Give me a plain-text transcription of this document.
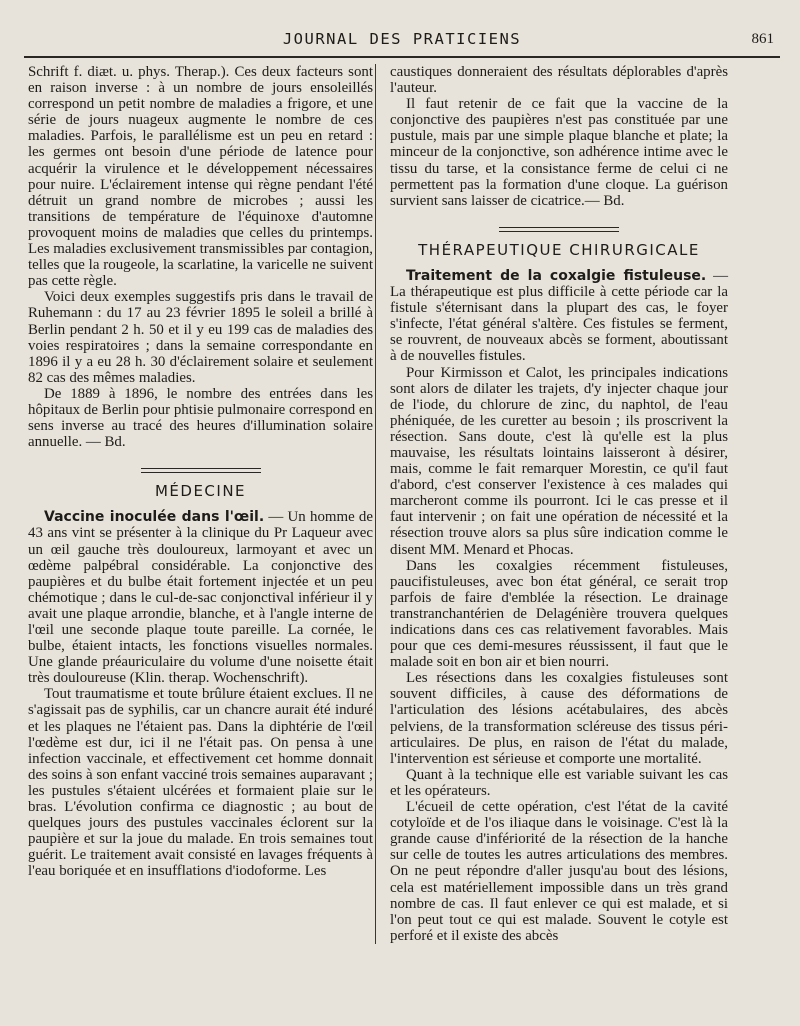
JOURNAL DES PRATICIENS	861

Schrift f. diæt. u. phys. Therap.). Ces deux facteurs sont en raison inverse : à un nombre de jours ensoleillés correspond un petit nombre de maladies a frigore, et une série de jours nuageux augmente le nombre de ces maladies. Parfois, le parallélisme est un peu en retard : les germes ont besoin d'une période de latence pour acquérir la virulence et le développement nécessaires pour nuire. L'éclairement intense qui règne pendant l'été détruit un grand nombre de microbes ; aussi les transitions de température de l'équinoxe d'automne provoquent moins de maladies que celles du printemps. Les maladies exclusivement transmissibles par contagion, telles que la rougeole, la scarlatine, la varicelle ne suivent pas cette règle.

Voici deux exemples suggestifs pris dans le travail de Ruhemann : du 17 au 23 février 1895 le soleil a brillé à Berlin pendant 2 h. 50 et il y eu 199 cas de maladies des voies respiratoires ; dans la semaine correspondante en 1896 il y a eu 28 h. 30 d'éclairement solaire et seulement 82 cas des mêmes maladies.

De 1889 à 1896, le nombre des entrées dans les hôpitaux de Berlin pour phtisie pulmonaire correspond en sens inverse au tracé des heures d'illumination solaire annuelle. — Bd.

MÉDECINE

Vaccine inoculée dans l'œil. — Un homme de 43 ans vint se présenter à la clinique du Pr Laqueur avec un œil gauche très douloureux, larmoyant et avec un œdème palpébral considérable. La conjonctive des paupières et du bulbe était fortement injectée et un peu chémotique ; dans le cul-de-sac conjonctival inférieur il y avait une plaque arrondie, blanche, et à l'angle interne de l'œil une seconde plaque toute pareille. La cornée, le bulbe, étaient intacts, les fonctions visuelles normales. Une glande préauriculaire du volume d'une noisette était très douloureuse (Klin. therap. Wochenschrift).

Tout traumatisme et toute brûlure étaient exclues. Il ne s'agissait pas de syphilis, car un chancre aurait été induré et les plaques ne l'étaient pas. Dans la diphtérie de l'œil l'œdème est dur, ici il ne l'était pas. On pensa à une infection vaccinale, et effectivement cet homme donnait des soins à son enfant vacciné trois semaines auparavant ; les pustules s'étaient ulcérées et formaient plaie sur le bras. L'évolution confirma ce diagnostic ; au bout de quelques jours des pustules vaccinales éclorent sur la paupière et sur la joue du malade. En trois semaines tout guérit. Le traitement avait consisté en lavages fréquents à l'eau boriquée et en insufflations d'iodoforme. Les

caustiques donneraient des résultats déplorables d'après l'auteur.

Il faut retenir de ce fait que la vaccine de la conjonctive des paupières n'est pas constituée par une pustule, mais par une simple plaque blanche et plate; la minceur de la conjonctive, son adhérence intime avec le tissu du tarse, et la consistance ferme de celui ci ne permettent pas la formation d'une cloque. La guérison survient sans laisser de cicatrice.— Bd.

THÉRAPEUTIQUE CHIRURGICALE

Traitement de la coxalgie fistuleuse. — La thérapeutique est plus difficile à cette période car la fistule s'éternisant dans la plupart des cas, le foyer s'infecte, l'état général s'altère. Ces fistules se ferment, se rouvrent, de nouveaux abcès se forment, aboutissant à de nouvelles fistules.

Pour Kirmisson et Calot, les principales indications sont alors de dilater les trajets, d'y injecter chaque jour de l'iode, du chlorure de zinc, du naphtol, de l'eau phéniquée, de les curetter au besoin ; ils proscrivent la résection. Sans doute, c'est là qu'elle est la plus mauvaise, les résultats lointains laisseront à désirer, mais, comme le fait remarquer Morestin, ce qu'il faut d'abord, c'est conserver l'existence à ces malades qui marcheront comme ils pourront. Ici le cas presse et il faut intervenir ; on fait une opération de nécessité et la résection trouve alors sa plus sûre indication comme le disent MM. Menard et Phocas.

Dans les coxalgies récemment fistuleuses, paucifistuleuses, avec bon état général, ce serait trop parfois de faire d'emblée la résection. Le drainage transtranchantérien de Delagénière trouvera quelques indications dans ces cas relativement favorables. Mais pour que ces demi-mesures réussissent, il faut que le malade soit en bon air et bien nourri.

Les résections dans les coxalgies fistuleuses sont souvent difficiles, à cause des déformations de l'articulation des lésions acétabulaires, des abcès pelviens, de la transformation scléreuse des tissus péri-articulaires. De plus, en raison de l'état du malade, l'intervention est sérieuse et comporte une mortalité.

Quant à la technique elle est variable suivant les cas et les opérateurs.

L'écueil de cette opération, c'est l'état de la cavité cotyloïde et de l'os iliaque dans le voisinage. C'est là la grande cause d'infériorité de la résection de la hanche sur celle de toutes les autres articulations des membres. On ne peut répondre d'aller jusqu'au bout des lésions, cela est matériellement impossible dans un très grand nombre de cas. Il faut enlever ce qui est malade, et si l'on peut tout ce qui est malade. Souvent le cotyle est perforé et il existe des abcès
